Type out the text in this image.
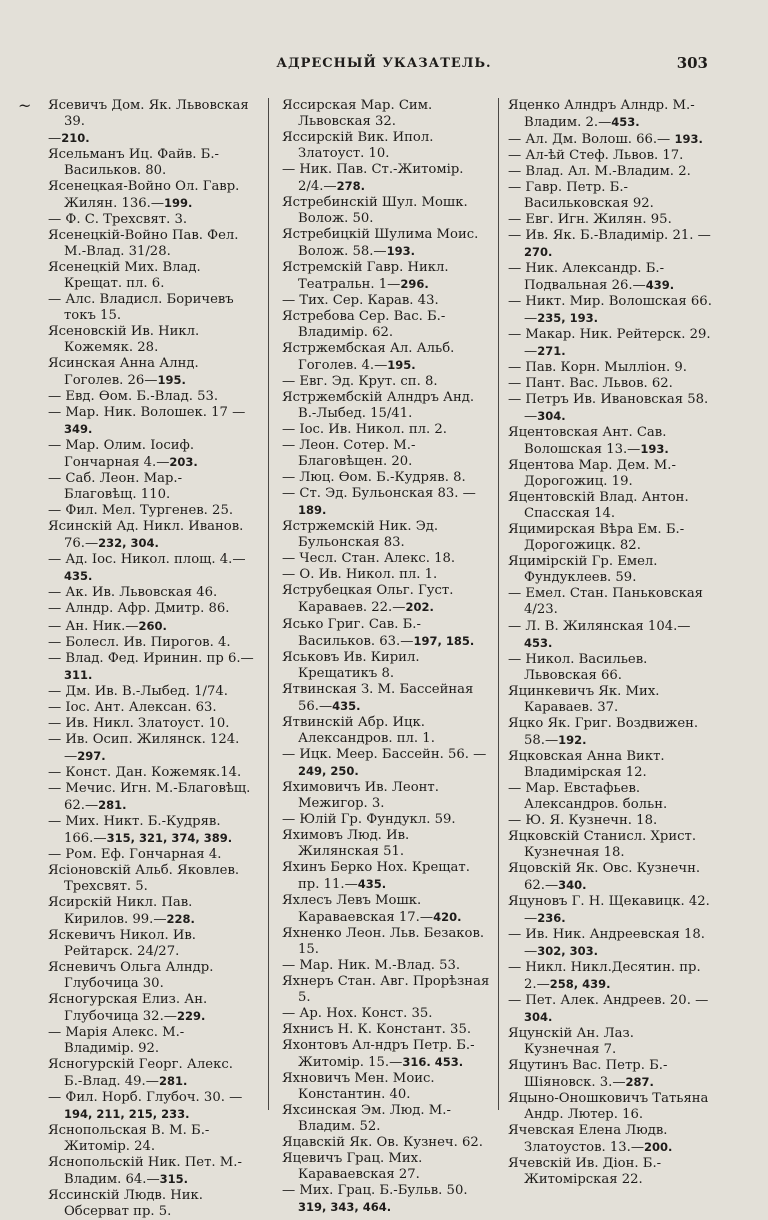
~
АДРЕСНЫЙ УКАЗАТЕЛЬ.	303
Ясевичъ Дом. Як. Львовская 39.
—210.
Ясельманъ Иц. Файв. Б.-Васильков. 80.
Ясенецкая-Войно Ол. Гавр. Жилян. 136.—199.
— Ф. С. Трехсвят. 3.
Ясенецкій-Войно Пав. Фел. М.-Влад. 31/28.
Ясенецкій Мих. Влад. Крещат. пл. 6.
— Алс. Владисл. Боричевъ токъ 15.
Ясеновскій Ив. Никл. Кожемяк. 28.
Ясинская Анна Алнд. Гоголев. 26—195.
— Евд. Өом. Б.-Влад. 53.
— Мар. Ник. Волошек. 17 —349.
— Мар. Олим. Іосиф. Гончарная 4.—203.
— Саб. Леон. Мар.-Благовѣщ. 110.
— Фил. Мел. Тургенев. 25.
Ясинскій Ад. Никл. Иванов. 76.—232, 304.
— Ад. Іос. Никол. площ. 4.—435.
— Ак. Ив. Львовская 46.
— Алндр. Афр. Дмитр. 86.
— Ан. Ник.—260.
— Болесл. Ив. Пирогов. 4.
— Влад. Фед. Иринин. пр 6.—311.
— Дм. Ив. В.-Лыбед. 1/74.
— Іос. Ант. Алексан. 63.
— Ив. Никл. Златоуст. 10.
— Ив. Осип. Жилянск. 124. —297.
— Конст. Дан. Кожемяк.14.
— Мечис. Игн. М.-Благовѣщ. 62.—281.
— Мих. Никт. Б.-Кудряв. 166.—315, 321, 374, 389.
— Ром. Еф. Гончарная 4.
Ясіоновскій Альб. Яковлев. Трехсвят. 5.
Ясирскій Никл. Пав. Кирилов. 99.—228.
Яскевичъ Никол. Ив. Рейтарск. 24/27.
Ясневичъ Ольга Алндр. Глубочица 30.
Ясногурская Елиз. Ан. Глубочица 32.—229.
— Марія Алекс. М.-Владимір. 92.
Ясногурскій Георг. Алекс. Б.-Влад. 49.—281.
— Фил. Норб. Глубоч. 30. —194, 211, 215, 233.
Яснопольская В. М. Б.-Житомір. 24.
Яснопольскій Ник. Пет. М.-Владим. 64.—315.
Яссинскій Людв. Ник. Обсерват пр. 5.
Яссирская Мар. Сим. Львовская 32.
Яссирскій Вик. Ипол. Златоуст. 10.
— Ник. Пав. Ст.-Житомір. 2/4.—278.
Ястребинскій Шул. Мошк. Волож. 50.
Ястребицкій Шулима Моис. Волож. 58.—193.
Ястремскій Гавр. Никл. Театральн. 1—296.
— Тих. Сер. Карав. 43.
Ястребова Сер. Вас. Б.-Владимір. 62.
Ястржембская Ал. Альб. Гоголев. 4.—195.
— Евг. Эд. Крут. сп. 8.
Ястржембскій Алндръ Анд. В.-Лыбед. 15/41.
— Іос. Ив. Никол. пл. 2.
— Леон. Сотер. М.-Благовѣщен. 20.
— Люц. Өом. Б.-Кудряв. 8.
— Ст. Эд. Бульонская 83. —189.
Ястржемскій Ник. Эд. Бульонская 83.
— Чесл. Стан. Алекс. 18.
— О. Ив. Никол. пл. 1.
Яструбецкая Ольг. Густ. Караваев. 22.—202.
Ясько Григ. Сав. Б.-Васильков. 63.—197, 185.
Яськовъ Ив. Кирил. Крещатикъ 8.
Ятвинская З. М. Бассейная 56.—435.
Ятвинскій Абр. Ицк. Александров. пл. 1.
— Ицк. Меер. Бассейн. 56. —249, 250.
Яхимовичъ Ив. Леонт. Межигор. 3.
— Юлій Гр. Фундукл. 59.
Яхимовъ Люд. Ив. Жилянская 51.
Яхинъ Берко Нох. Крещат. пр. 11.—435.
Яхлесъ Левъ Мошк. Караваевская 17.—420.
Яхненко Леон. Льв. Безаков. 15.
— Мар. Ник. М.-Влад. 53.
Яхнеръ Стан. Авг. Прорѣзная 5.
— Ар. Нох. Конст. 35.
Яхнисъ Н. К. Констант. 35.
Яхонтовъ Ал-ндръ Петр. Б.-Житомір. 15.—316. 453.
Яхновичъ Мен. Моис. Константин. 40.
Яхсинская Эм. Люд. М.-Владим. 52.
Яцавскій Як. Ов. Кузнеч. 62.
Яцевичъ Грац. Мих. Караваевская 27.
— Мих. Грац. Б.-Бульв. 50. 319, 343, 464.
Яценко Алндръ Алндр. М.-Владим. 2.—453.
— Ал. Дм. Волош. 66.— 193.
— Ал-ѣй Стеф. Львов. 17.
— Влад. Ал. М.-Владим. 2.
— Гавр. Петр. Б.-Васильковская 92.
— Евг. Игн. Жилян. 95.
— Ив. Як. Б.-Владимір. 21. —270.
— Ник. Александр. Б.-Подвальная 26.—439.
— Никт. Мир. Волошская 66.—235, 193.
— Макар. Ник. Рейтерск. 29.—271.
— Пав. Корн. Мылліон. 9.
— Пант. Вас. Львов. 62.
— Петръ Ив. Ивановская 58.—304.
Яцентовская Ант. Сав. Волошская 13.—193.
Яцентова Мар. Дем. М.-Дорогожиц. 19.
Яцентовскій Влад. Антон. Спасская 14.
Яцимирская Вѣра Ем. Б.-Дорогожицк. 82.
Яцимірскій Гр. Емел. Фундуклеев. 59.
— Емел. Стан. Паньковская 4/23.
— Л. В. Жилянская 104.— 453.
— Никол. Васильев. Львовская 66.
Яцинкевичъ Як. Мих. Караваев. 37.
Яцко Як. Григ. Воздвижен. 58.—192.
Яцковская Анна Викт. Владимірская 12.
— Мар. Евстафьев. Александров. больн.
— Ю. Я. Кузнечн. 18.
Яцковскій Станисл. Христ. Кузнечная 18.
Яцовскій Як. Овс. Кузнечн. 62.—340.
Яцуновъ Г. Н. Щекавицк. 42.—236.
— Ив. Ник. Андреевская 18.—302, 303.
— Никл. Никл.Десятин. пр. 2.—258, 439.
— Пет. Алек. Андреев. 20. —304.
Яцунскій Ан. Лаз. Кузнечная 7.
Яцутинъ Вас. Петр. Б.-Шіяновск. 3.—287.
Яцыно-Оношковичъ Татьяна Андр. Лютер. 16.
Ячевская Елена Людв. Златоустов. 13.—200.
Ячевскій Ив. Діон. Б.-Житомірская 22.
